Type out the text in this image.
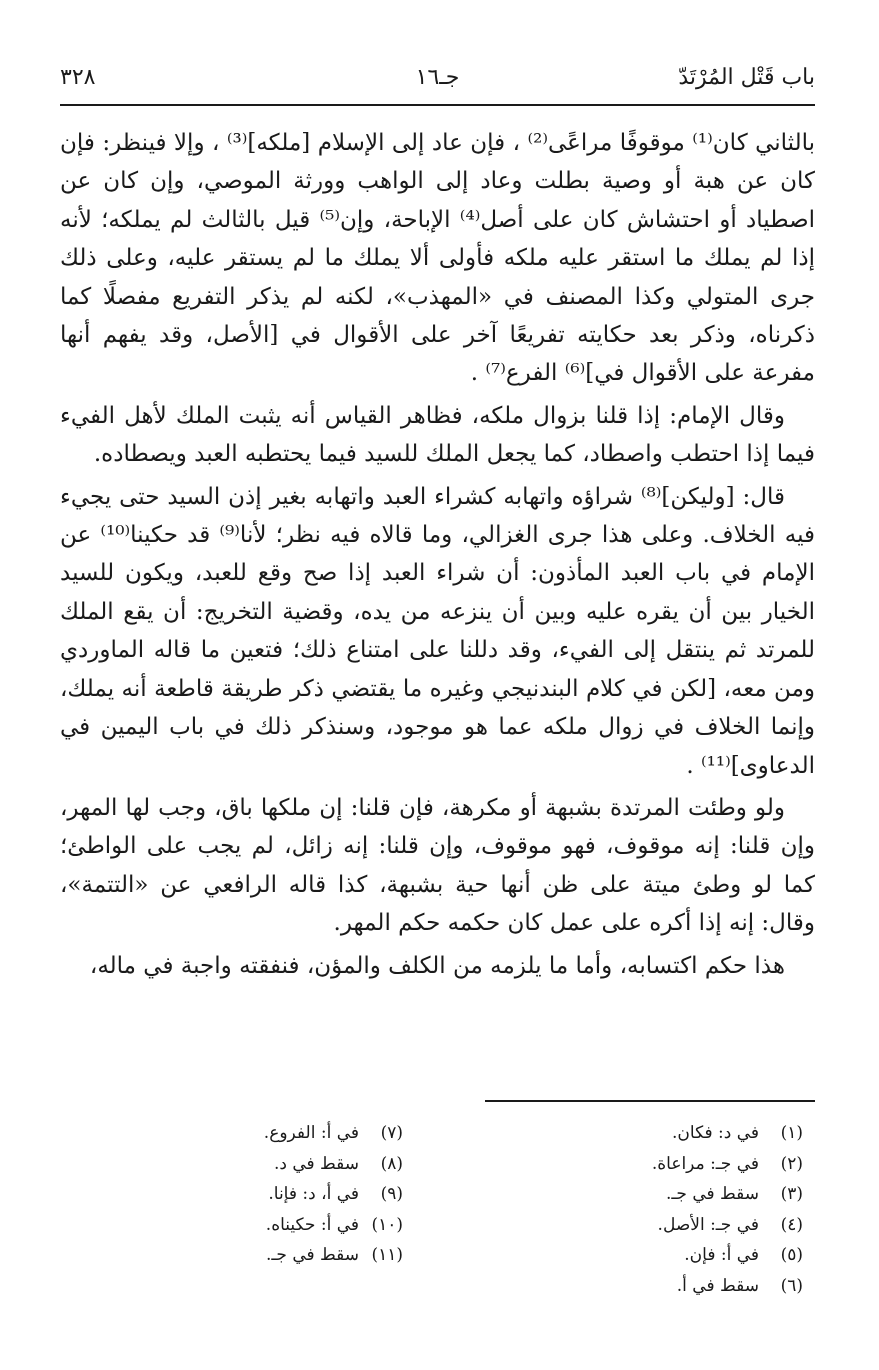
باب قَتْل المُرْتَدّ
جـ١٦
٣٢٨

بالثاني كان⁽¹⁾ موقوفًا مراعًى⁽²⁾ ، فإن عاد إلى الإسلام [ملكه]⁽³⁾ ، وإلا فينظر: فإن كان عن هبة أو وصية بطلت وعاد إلى الواهب وورثة الموصي، وإن كان عن اصطياد أو احتشاش كان على أصل⁽⁴⁾ الإباحة، وإن⁽⁵⁾ قيل بالثالث لم يملكه؛ لأنه إذا لم يملك ما استقر عليه ملكه فأولى ألا يملك ما لم يستقر عليه، وعلى ذلك جرى المتولي وكذا المصنف في «المهذب»، لكنه لم يذكر التفريع مفصلًا كما ذكرناه، وذكر بعد حكايته تفريعًا آخر على الأقوال في [الأصل، وقد يفهم أنها مفرعة على الأقوال في]⁽⁶⁾ الفرع⁽⁷⁾ .

وقال الإمام: إذا قلنا بزوال ملكه، فظاهر القياس أنه يثبت الملك لأهل الفيء فيما إذا احتطب واصطاد، كما يجعل الملك للسيد فيما يحتطبه العبد ويصطاده.

قال: [وليكن]⁽⁸⁾ شراؤه واتهابه كشراء العبد واتهابه بغير إذن السيد حتى يجيء فيه الخلاف. وعلى هذا جرى الغزالي، وما قالاه فيه نظر؛ لأنا⁽⁹⁾ قد حكينا⁽¹⁰⁾ عن الإمام في باب العبد المأذون: أن شراء العبد إذا صح وقع للعبد، ويكون للسيد الخيار بين أن يقره عليه وبين أن ينزعه من يده، وقضية التخريج: أن يقع الملك للمرتد ثم ينتقل إلى الفيء، وقد دللنا على امتناع ذلك؛ فتعين ما قاله الماوردي ومن معه، [لكن في كلام البندنيجي وغيره ما يقتضي ذكر طريقة قاطعة أنه يملك، وإنما الخلاف في زوال ملكه عما هو موجود، وسنذكر ذلك في باب اليمين في الدعاوى]⁽¹¹⁾ .

ولو وطئت المرتدة بشبهة أو مكرهة، فإن قلنا: إن ملكها باق، وجب لها المهر، وإن قلنا: إنه موقوف، فهو موقوف، وإن قلنا: إنه زائل، لم يجب على الواطئ؛ كما لو وطئ ميتة على ظن أنها حية بشبهة، كذا قاله الرافعي عن «التتمة»، وقال: إنه إذا أكره على عمل كان حكمه حكم المهر.

هذا حكم اكتسابه، وأما ما يلزمه من الكلف والمؤن، فنفقته واجبة في ماله،

(١)في د: فكان.
(٢)في جـ: مراعاة.
(٣)سقط في جـ.
(٤)في جـ: الأصل.
(٥)في أ: فإن.
(٦)سقط في أ.
(٧)في أ: الفروع.
(٨)سقط في د.
(٩)في أ، د: فإنا.
(١٠)في أ: حكيناه.
(١١)سقط في جـ.
